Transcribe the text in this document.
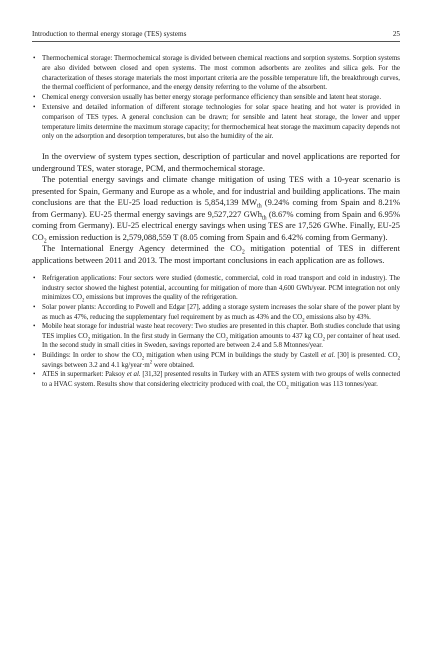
Introduction to thermal energy storage (TES) systems	25
• Thermochemical storage: Thermochemical storage is divided between chemical reactions and sorption systems. Sorption systems are also divided between closed and open systems. The most common adsorbents are zeolites and silica gels. For the characterization of theses storage materials the most important criteria are the possible temperature lift, the breakthrough curves, the thermal coefficient of performance, and the energy density referring to the volume of the absorbent.
• Chemical energy conversion usually has better energy storage performance efficiency than sensible and latent heat storage.
• Extensive and detailed information of different storage technologies for solar space heating and hot water is provided in comparison of TES types. A general conclusion can be drawn; for sensible and latent heat storage, the lower and upper temperature limits determine the maximum storage capacity; for thermochemical heat storage the maximum capacity depends not only on the adsorption and desorption temperatures, but also the humidity of the air.

In the overview of system types section, description of particular and novel applications are reported for underground TES, water storage, PCM, and thermochemical storage.

The potential energy savings and climate change mitigation of using TES with a 10-year scenario is presented for Spain, Germany and Europe as a whole, and for industrial and building applications. The main conclusions are that the EU-25 load reduction is 5,854,139 $MW_{th}$ (9.24% coming from Spain and 8.21% from Germany). EU-25 thermal energy savings are 9,527,227 GWh$_{th}$ (8.67% coming from Spain and 6.95% coming from Germany). EU-25 electrical energy savings when using TES are 17,526 GWhe. Finally, EU-25 $CO_2$ emission reduction is 2,579,088,559 T (8.05 coming from Spain and 6.42% coming from Germany).

The International Energy Agency determined the $CO_2$ mitigation potential of TES in different applications between 2011 and 2013. The most important conclusions in each application are as follows.

• Refrigeration applications: Four sectors were studied (domestic, commercial, cold in road transport and cold in industry). The industry sector showed the highest potential, accounting for mitigation of more than 4,600 GWh/year. PCM integration not only minimizes $CO_2$ emissions but improves the quality of the refrigeration.
• Solar power plants: According to Powell and Edgar [27], adding a storage system increases the solar share of the power plant by as much as 47%, reducing the supplementary fuel requirement by as much as 43% and the $CO_2$ emissions also by 43%.
• Mobile heat storage for industrial waste heat recovery: Two studies are presented in this chapter. Both studies conclude that using TES implies $CO_2$ mitigation. In the first study in Germany the $CO_2$ mitigation amounts to 437 kg $CO_2$ per container of heat used. In the second study in small cities in Sweden, savings reported are between 2.4 and 5.8 Mtonnes/year.
• Buildings: In order to show the $CO_2$ mitigation when using PCM in buildings the study by Castell et al. [30] is presented. $CO_2$ savings between 3.2 and 4.1 $kg/year\cdot m^2$ were obtained.
• ATES in supermarket: Paksoy et al. [31,32] presented results in Turkey with an ATES system with two groups of wells connected to a HVAC system. Results show that considering electricity produced with coal, the $CO_2$ mitigation was 113 tonnes/year.
